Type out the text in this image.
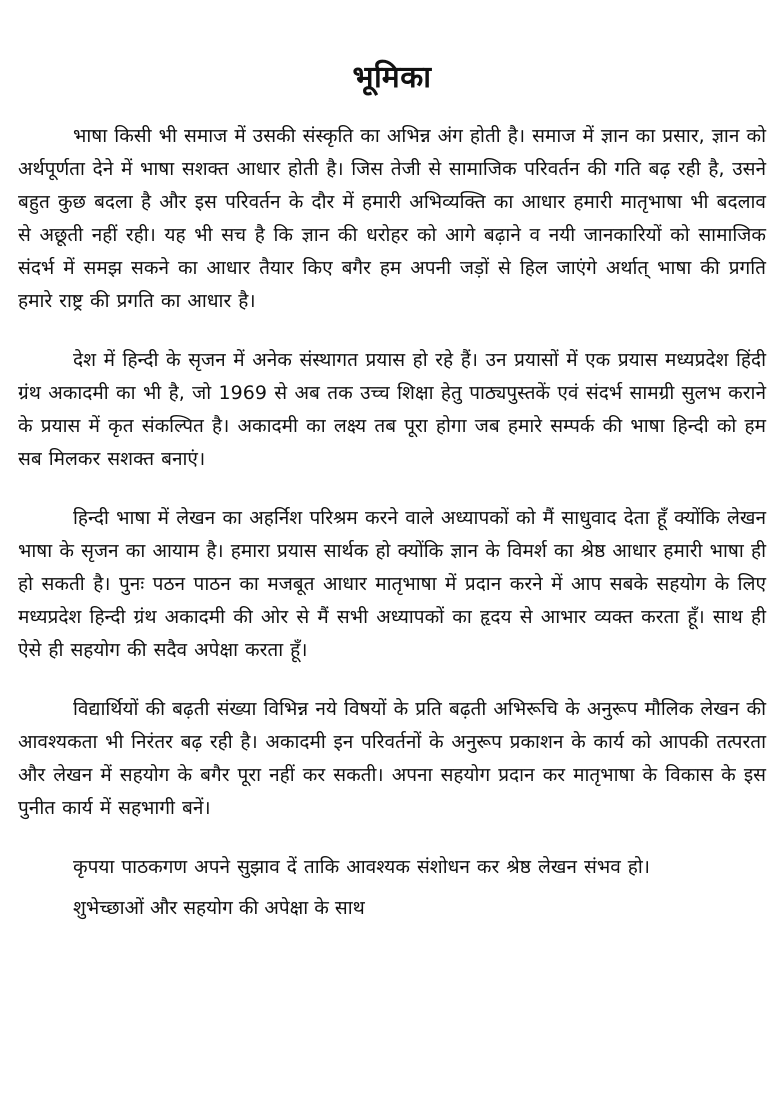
भूमिका

भाषा किसी भी समाज में उसकी संस्कृति का अभिन्न अंग होती है। समाज में ज्ञान का प्रसार, ज्ञान को अर्थपूर्णता देने में भाषा सशक्त आधार होती है। जिस तेजी से सामाजिक परिवर्तन की गति बढ़ रही है, उसने बहुत कुछ बदला है और इस परिवर्तन के दौर में हमारी अभिव्यक्ति का आधार हमारी मातृभाषा भी बदलाव से अछूती नहीं रही। यह भी सच है कि ज्ञान की धरोहर को आगे बढ़ाने व नयी जानकारियों को सामाजिक संदर्भ में समझ सकने का आधार तैयार किए बगैर हम अपनी जड़ों से हिल जाएंगे अर्थात् भाषा की प्रगति हमारे राष्ट्र की प्रगति का आधार है।

देश में हिन्दी के सृजन में अनेक संस्थागत प्रयास हो रहे हैं। उन प्रयासों में एक प्रयास मध्यप्रदेश हिंदी ग्रंथ अकादमी का भी है, जो 1969 से अब तक उच्च शिक्षा हेतु पाठ्यपुस्तकें एवं संदर्भ सामग्री सुलभ कराने के प्रयास में कृत संकल्पित है। अकादमी का लक्ष्य तब पूरा होगा जब हमारे सम्पर्क की भाषा हिन्दी को हम सब मिलकर सशक्त बनाएं।

हिन्दी भाषा में लेखन का अहर्निश परिश्रम करने वाले अध्यापकों को मैं साधुवाद देता हूँ क्योंकि लेखन भाषा के सृजन का आयाम है। हमारा प्रयास सार्थक हो क्योंकि ज्ञान के विमर्श का श्रेष्ठ आधार हमारी भाषा ही हो सकती है। पुनः पठन पाठन का मजबूत आधार मातृभाषा में प्रदान करने में आप सबके सहयोग के लिए मध्यप्रदेश हिन्दी ग्रंथ अकादमी की ओर से मैं सभी अध्यापकों का हृदय से आभार व्यक्त करता हूँ। साथ ही ऐसे ही सहयोग की सदैव अपेक्षा करता हूँ।

विद्यार्थियों की बढ़ती संख्या विभिन्न नये विषयों के प्रति बढ़ती अभिरूचि के अनुरूप मौलिक लेखन की आवश्यकता भी निरंतर बढ़ रही है। अकादमी इन परिवर्तनों के अनुरूप प्रकाशन के कार्य को आपकी तत्परता और लेखन में सहयोग के बगैर पूरा नहीं कर सकती। अपना सहयोग प्रदान कर मातृभाषा के विकास के इस पुनीत कार्य में सहभागी बनें।

कृपया पाठकगण अपने सुझाव दें ताकि आवश्यक संशोधन कर श्रेष्ठ लेखन संभव हो।

शुभेच्छाओं और सहयोग की अपेक्षा के साथ
